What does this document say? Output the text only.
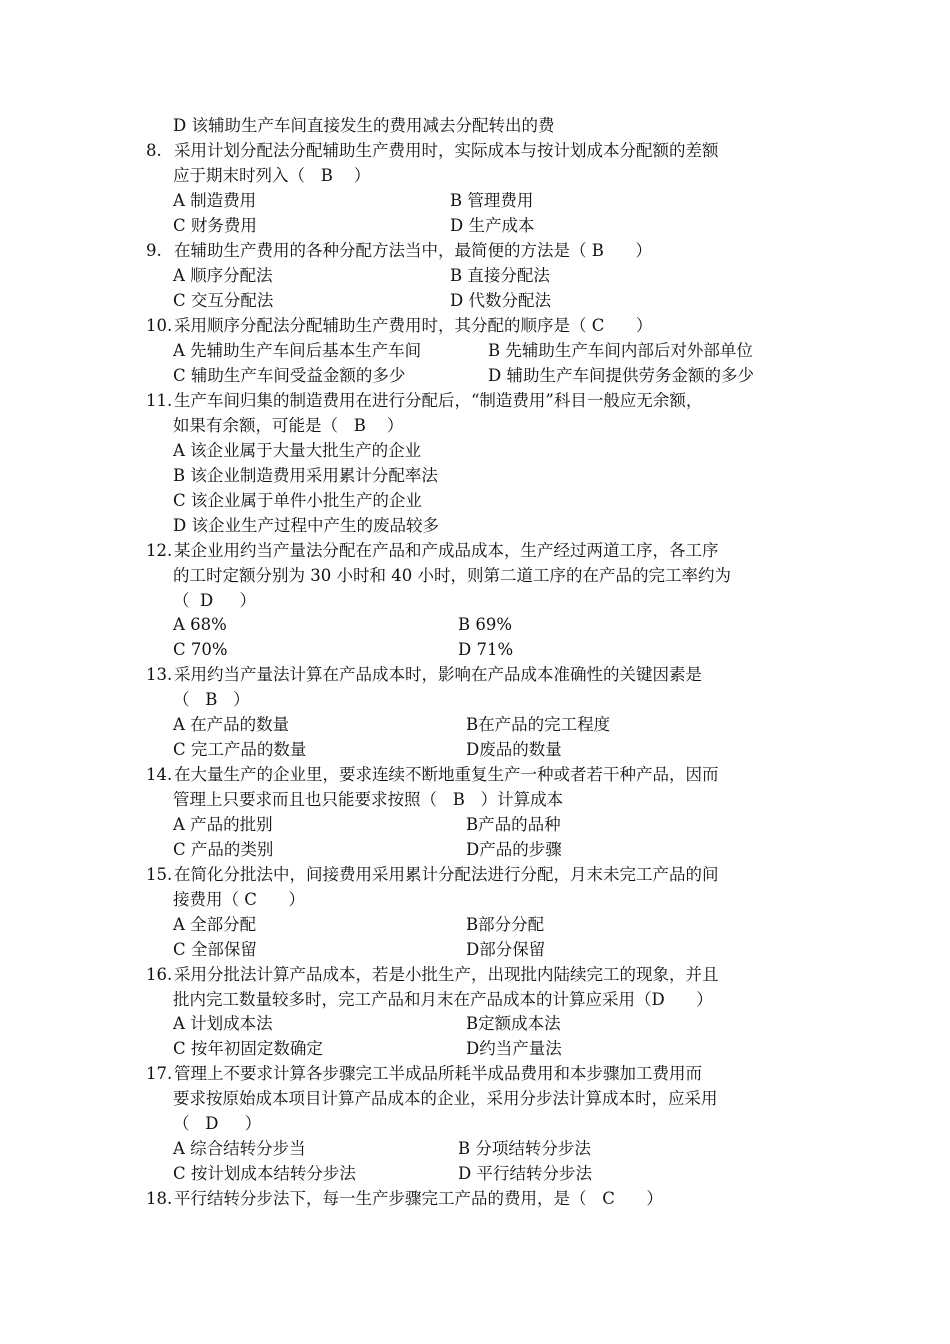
D 该辅助生产车间直接发生的费用减去分配转出的费
8. 采用计划分配法分配辅助生产费用时，实际成本与按计划成本分配额的差额
应于期末时列入（   B    ）
A 制造费用	B 管理费用
C 财务费用	D 生产成本
9. 在辅助生产费用的各种分配方法当中，最简便的方法是（ B      ）
A 顺序分配法	B 直接分配法
C 交互分配法	D 代数分配法
10. 采用顺序分配法分配辅助生产费用时，其分配的顺序是（ C      ）
A 先辅助生产车间后基本生产车间	B 先辅助生产车间内部后对外部单位
C 辅助生产车间受益金额的多少	D 辅助生产车间提供劳务金额的多少
11. 生产车间归集的制造费用在进行分配后，“制造费用”科目一般应无余额，
如果有余额，可能是（   B    ）
A 该企业属于大量大批生产的企业
B 该企业制造费用采用累计分配率法
C 该企业属于单件小批生产的企业
D 该企业生产过程中产生的废品较多
12. 某企业用约当产量法分配在产品和产成品成本，生产经过两道工序，各工序
的工时定额分别为 30 小时和 40 小时，则第二道工序的在产品的完工率约为
（  D     ）
A 68%	B 69%
C 70%	D 71%
13. 采用约当产量法计算在产品成本时，影响在产品成本准确性的关键因素是
（   B   ）
A 在产品的数量	B在产品的完工程度
C 完工产品的数量	D废品的数量
14. 在大量生产的企业里，要求连续不断地重复生产一种或者若干种产品，因而
管理上只要求而且也只能要求按照（   B   ）计算成本
A 产品的批别	B产品的品种
C 产品的类别	D产品的步骤
15. 在简化分批法中，间接费用采用累计分配法进行分配，月末未完工产品的间
接费用（ C      ）
A 全部分配	B部分分配
C 全部保留	D部分保留
16. 采用分批法计算产品成本，若是小批生产，出现批内陆续完工的现象，并且
批内完工数量较多时，完工产品和月末在产品成本的计算应采用（D      ）
A 计划成本法	B定额成本法
C 按年初固定数确定	D约当产量法
17. 管理上不要求计算各步骤完工半成品所耗半成品费用和本步骤加工费用而
要求按原始成本项目计算产品成本的企业，采用分步法计算成本时，应采用
（   D     ）
A 综合结转分步当	B 分项结转分步法
C 按计划成本结转分步法	D 平行结转分步法
18. 平行结转分步法下，每一生产步骤完工产品的费用，是（   C      ）
